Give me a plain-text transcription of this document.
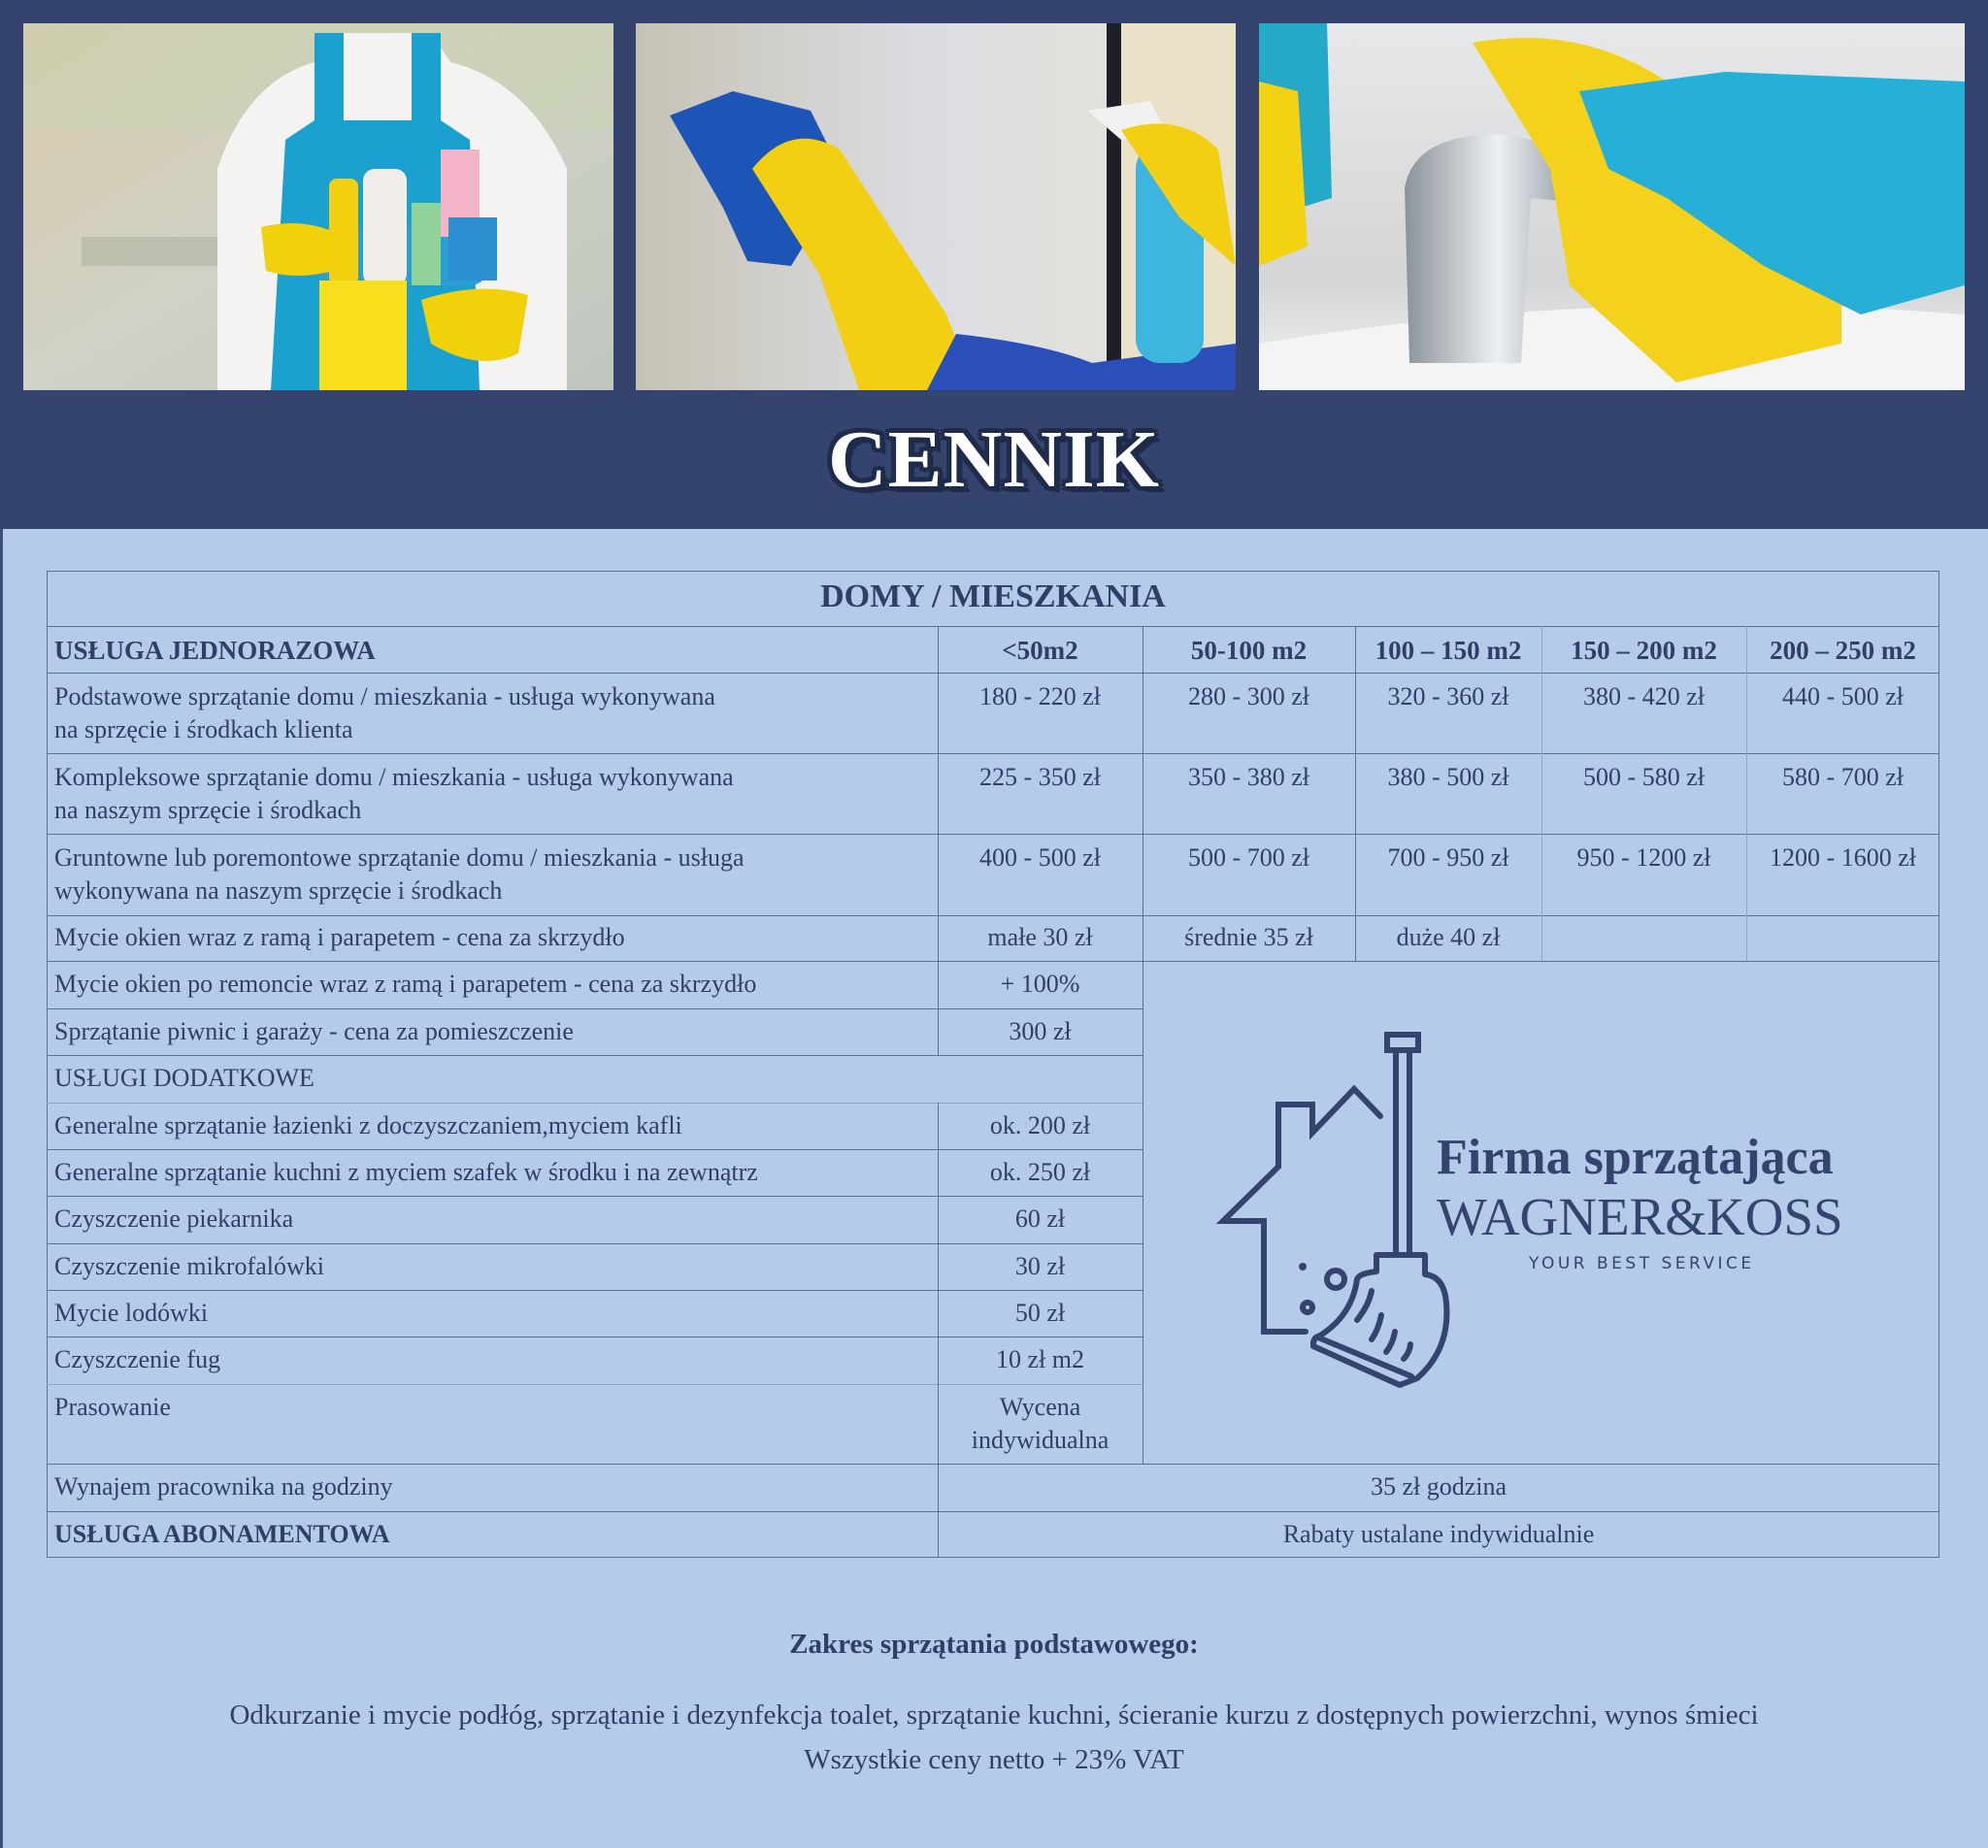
CENNIK
DOMY / MIESZKANIA
USŁUGA JEDNORAZOWA	<50m2	50-100 m2	100 – 150 m2	150 – 200 m2	200 – 250 m2
Podstawowe sprzątanie domu / mieszkania - usługa wykonywana
na sprzęcie i środkach klienta
180 - 220 zł	280 - 300 zł	320 - 360 zł	380 - 420 zł	440 - 500 zł
Kompleksowe sprzątanie domu / mieszkania - usługa wykonywana
na naszym sprzęcie i środkach
225 - 350 zł	350 - 380 zł	380 - 500 zł	500 - 580 zł	580 - 700 zł
Gruntowne lub poremontowe sprzątanie domu / mieszkania - usługa
wykonywana na naszym sprzęcie i środkach
400 - 500 zł	500 - 700 zł	700 - 950 zł	950 - 1200 zł	1200 - 1600 zł
Mycie okien wraz z ramą i parapetem - cena za skrzydło	małe 30 zł	średnie 35 zł	duże 40 zł
Mycie okien po remoncie wraz z ramą i parapetem - cena za skrzydło	+ 100%
Sprzątanie piwnic i garaży - cena za pomieszczenie	300 zł
USŁUGI DODATKOWE
Generalne sprzątanie łazienki z doczyszczaniem,myciem kafli	ok. 200 zł
Generalne sprzątanie kuchni z myciem szafek w środku i na zewnątrz	ok. 250 zł
Czyszczenie piekarnika	60 zł
Czyszczenie mikrofalówki	30 zł
Mycie lodówki	50 zł
Czyszczenie fug	10 zł m2
Prasowanie	Wycena
indywidualna
Wynajem pracownika na godziny	35 zł godzina
USŁUGA ABONAMENTOWA	Rabaty ustalane indywidualnie
Firma sprzątająca
WAGNER&KOSS
YOUR BEST SERVICE
Zakres sprzątania podstawowego:
Odkurzanie i mycie podłóg, sprzątanie i dezynfekcja toalet, sprzątanie kuchni, ścieranie kurzu z dostępnych powierzchni, wynos śmieci
Wszystkie ceny netto + 23% VAT
